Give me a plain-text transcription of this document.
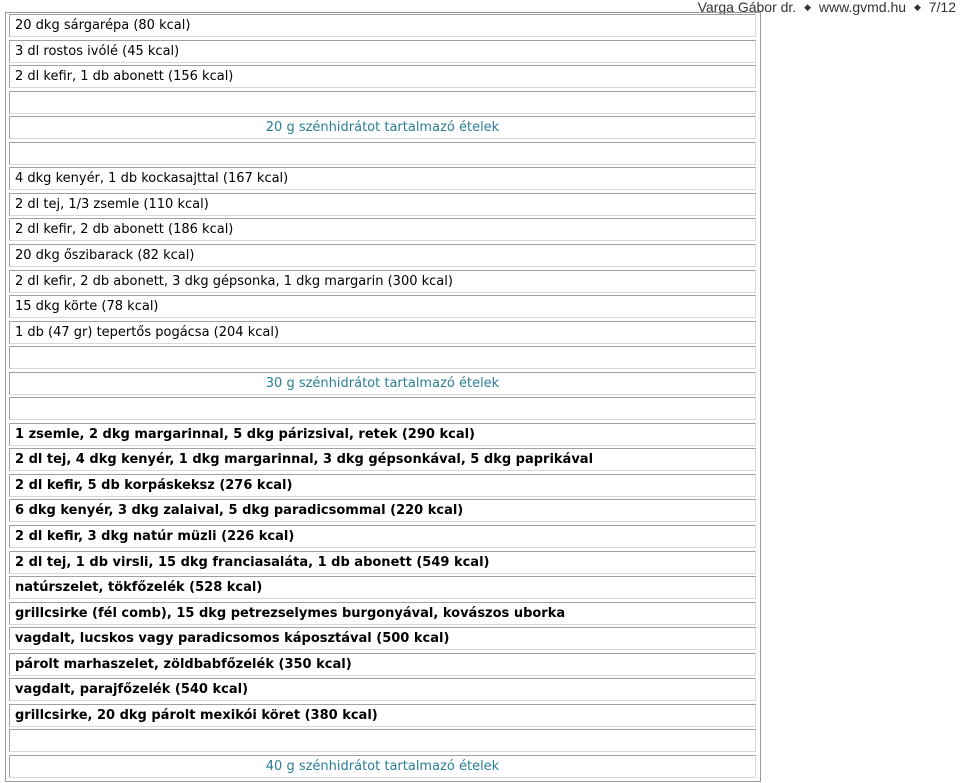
Varga Gábor dr. ◆ www.gvmd.hu ◆ 7/12
20 dkg sárgarépa (80 kcal)
3 dl rostos ivólé (45 kcal)
2 dl kefir, 1 db abonett (156 kcal)
20 g szénhidrátot tartalmazó ételek
4 dkg kenyér, 1 db kockasajttal (167 kcal)
2 dl tej, 1/3 zsemle (110 kcal)
2 dl kefir, 2 db abonett (186 kcal)
20 dkg őszibarack (82 kcal)
2 dl kefir, 2 db abonett, 3 dkg gépsonka, 1 dkg margarin (300 kcal)
15 dkg körte (78 kcal)
1 db (47 gr) tepertős pogácsa (204 kcal)
30 g szénhidrátot tartalmazó ételek
1 zsemle, 2 dkg margarinnal, 5 dkg párizsival, retek (290 kcal)
2 dl tej, 4 dkg kenyér, 1 dkg margarinnal, 3 dkg gépsonkával, 5 dkg paprikával
2 dl kefir, 5 db korpáskeksz (276 kcal)
6 dkg kenyér, 3 dkg zalaival, 5 dkg paradicsommal (220 kcal)
2 dl kefir, 3 dkg natúr müzli (226 kcal)
2 dl tej, 1 db virsli, 15 dkg franciasaláta, 1 db abonett (549 kcal)
natúrszelet, tökfőzelék (528 kcal)
grillcsirke (fél comb), 15 dkg petrezselymes burgonyával, kovászos uborka
vagdalt, lucskos vagy paradicsomos káposztával (500 kcal)
párolt marhaszelet, zöldbabfőzelék (350 kcal)
vagdalt, parajfőzelék (540 kcal)
grillcsirke, 20 dkg párolt mexikói köret (380 kcal)
40 g szénhidrátot tartalmazó ételek
